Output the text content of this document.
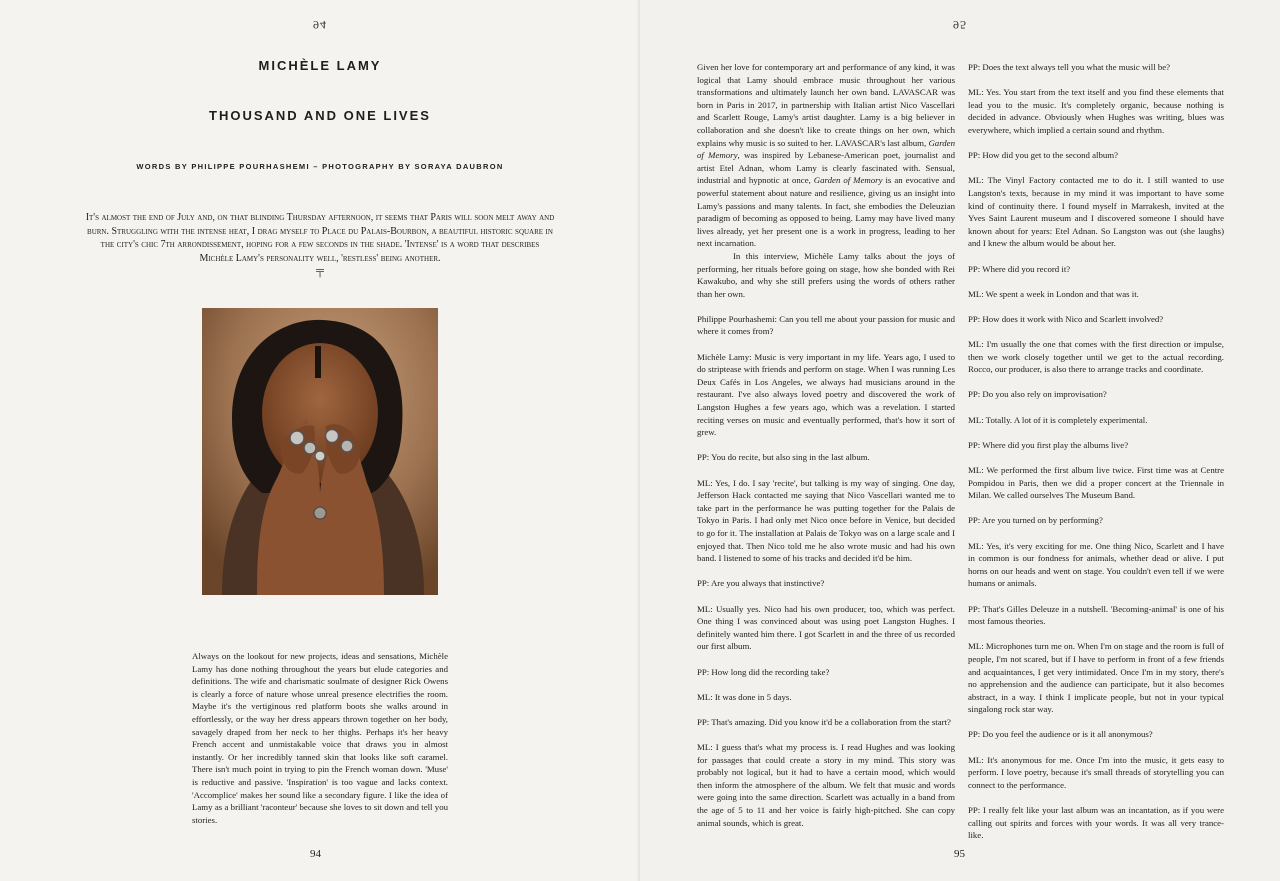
94
MICHÈLE LAMY
THOUSAND AND ONE LIVES
WORDS BY PHILIPPE POURHASHEMI – PHOTOGRAPHY BY SORAYA DAUBRON

It's almost the end of July and, on that blinding Thursday afternoon, it seems that Paris will soon melt away and burn. Struggling with the intense heat, I drag myself to Place du Palais-Bourbon, a beautiful historic square in the city's chic 7th arrondissement, hoping for a few seconds in the shade. 'Intense' is a word that describes Michèle Lamy's personality well, 'restless' being another.

╤

Always on the lookout for new projects, ideas and sensations, Michèle Lamy has done nothing throughout the years but elude categories and definitions. The wife and charismatic soulmate of designer Rick Owens is clearly a force of nature whose unreal presence electrifies the room. Maybe it's the vertiginous red platform boots she walks around in effortlessly, or the way her dress appears thrown together on her body, savagely draped from her neck to her thighs. Perhaps it's her heavy French accent and unmistakable voice that draws you in almost instantly. Or her incredibly tanned skin that looks like soft caramel. There isn't much point in trying to pin the French woman down. 'Muse' is reductive and passive. 'Inspiration' is too vague and lacks context. 'Accomplice' makes her sound like a secondary figure. I like the idea of Lamy as a brilliant 'raconteur' because she loves to sit down and tell you stories.

94
95
95

Given her love for contemporary art and performance of any kind, it was logical that Lamy should embrace music throughout her various transformations and ultimately launch her own band. LAVASCAR was born in Paris in 2017, in partnership with Italian artist Nico Vascellari and Scarlett Rouge, Lamy's artist daughter. Lamy is a big believer in collaboration and she doesn't like to create things on her own, which explains why music is so suited to her. LAVASCAR's last album, Garden of Memory, was inspired by Lebanese-American poet, journalist and artist Etel Adnan, whom Lamy is clearly fascinated with. Sensual, industrial and hypnotic at once, Garden of Memory is an evocative and powerful statement about nature and resilience, giving us an insight into Lamy's passions and many talents. In fact, she embodies the Deleuzian paradigm of becoming as opposed to being. Lamy may have lived many lives already, yet her present one is a work in progress, leading to her next incarnation.

In this interview, Michèle Lamy talks about the joys of performing, her rituals before going on stage, how she bonded with Rei Kawakubo, and why she still prefers using the words of others rather than her own.

Philippe Pourhashemi: Can you tell me about your passion for music and where it comes from?

Michèle Lamy: Music is very important in my life. Years ago, I used to do striptease with friends and perform on stage. When I was running Les Deux Cafés in Los Angeles, we always had musicians around in the restaurant. I've also always loved poetry and discovered the work of Langston Hughes a few years ago, which was a revelation. I started reciting verses on music and eventually performed, that's how it sort of grew.

PP: You do recite, but also sing in the last album.

ML: Yes, I do. I say 'recite', but talking is my way of singing. One day, Jefferson Hack contacted me saying that Nico Vascellari wanted me to take part in the performance he was putting together for the Palais de Tokyo in Paris. I had only met Nico once before in Venice, but decided to go for it. The installation at Palais de Tokyo was on a large scale and I enjoyed that. Then Nico told me he also wrote music and had his own band. I listened to some of his tracks and decided it'd be him.

PP: Are you always that instinctive?

ML: Usually yes. Nico had his own producer, too, which was perfect. One thing I was convinced about was using poet Langston Hughes. I definitely wanted him there. I got Scarlett in and the three of us recorded our first album.

PP: How long did the recording take?

ML: It was done in 5 days.

PP: That's amazing. Did you know it'd be a collaboration from the start?

ML: I guess that's what my process is. I read Hughes and was looking for passages that could create a story in my mind. This story was probably not logical, but it had to have a certain mood, which would then inform the atmosphere of the album. We felt that music and words were going into the same direction. Scarlett was actually in a band from the age of 5 to 11 and her voice is fairly high-pitched. She can copy animal sounds, which is great.

PP: Does the text always tell you what the music will be?

ML: Yes. You start from the text itself and you find these elements that lead you to the music. It's completely organic, because nothing is decided in advance. Obviously when Hughes was writing, blues was everywhere, which implied a certain sound and rhythm.

PP: How did you get to the second album?

ML: The Vinyl Factory contacted me to do it. I still wanted to use Langston's texts, because in my mind it was important to have some kind of continuity there. I found myself in Marrakesh, invited at the Yves Saint Laurent museum and I discovered someone I should have known about for years: Etel Adnan. So Langston was out (she laughs) and I knew the album would be about her.

PP: Where did you record it?

ML: We spent a week in London and that was it.

PP: How does it work with Nico and Scarlett involved?

ML: I'm usually the one that comes with the first direction or impulse, then we work closely together until we get to the actual recording. Rocco, our producer, is also there to arrange tracks and coordinate.

PP: Do you also rely on improvisation?

ML: Totally. A lot of it is completely experimental.

PP: Where did you first play the albums live?

ML: We performed the first album live twice. First time was at Centre Pompidou in Paris, then we did a proper concert at the Triennale in Milan. We called ourselves The Museum Band.

PP: Are you turned on by performing?

ML: Yes, it's very exciting for me. One thing Nico, Scarlett and I have in common is our fondness for animals, whether dead or alive. I put horns on our heads and went on stage. You couldn't even tell if we were humans or animals.

PP: That's Gilles Deleuze in a nutshell. 'Becoming-animal' is one of his most famous theories.

ML: Microphones turn me on. When I'm on stage and the room is full of people, I'm not scared, but if I have to perform in front of a few friends and acquaintances, I get very intimidated. Once I'm in my story, there's no apprehension and the audience can participate, but it also becomes abstract, in a way. I think I implicate people, but not in your typical singalong rock star way.

PP: Do you feel the audience or is it all anonymous?

ML: It's anonymous for me. Once I'm into the music, it gets easy to perform. I love poetry, because it's small threads of storytelling you can connect to the performance.

PP: I really felt like your last album was an incantation, as if you were calling out spirits and forces with your words. It was all very trance-like.
